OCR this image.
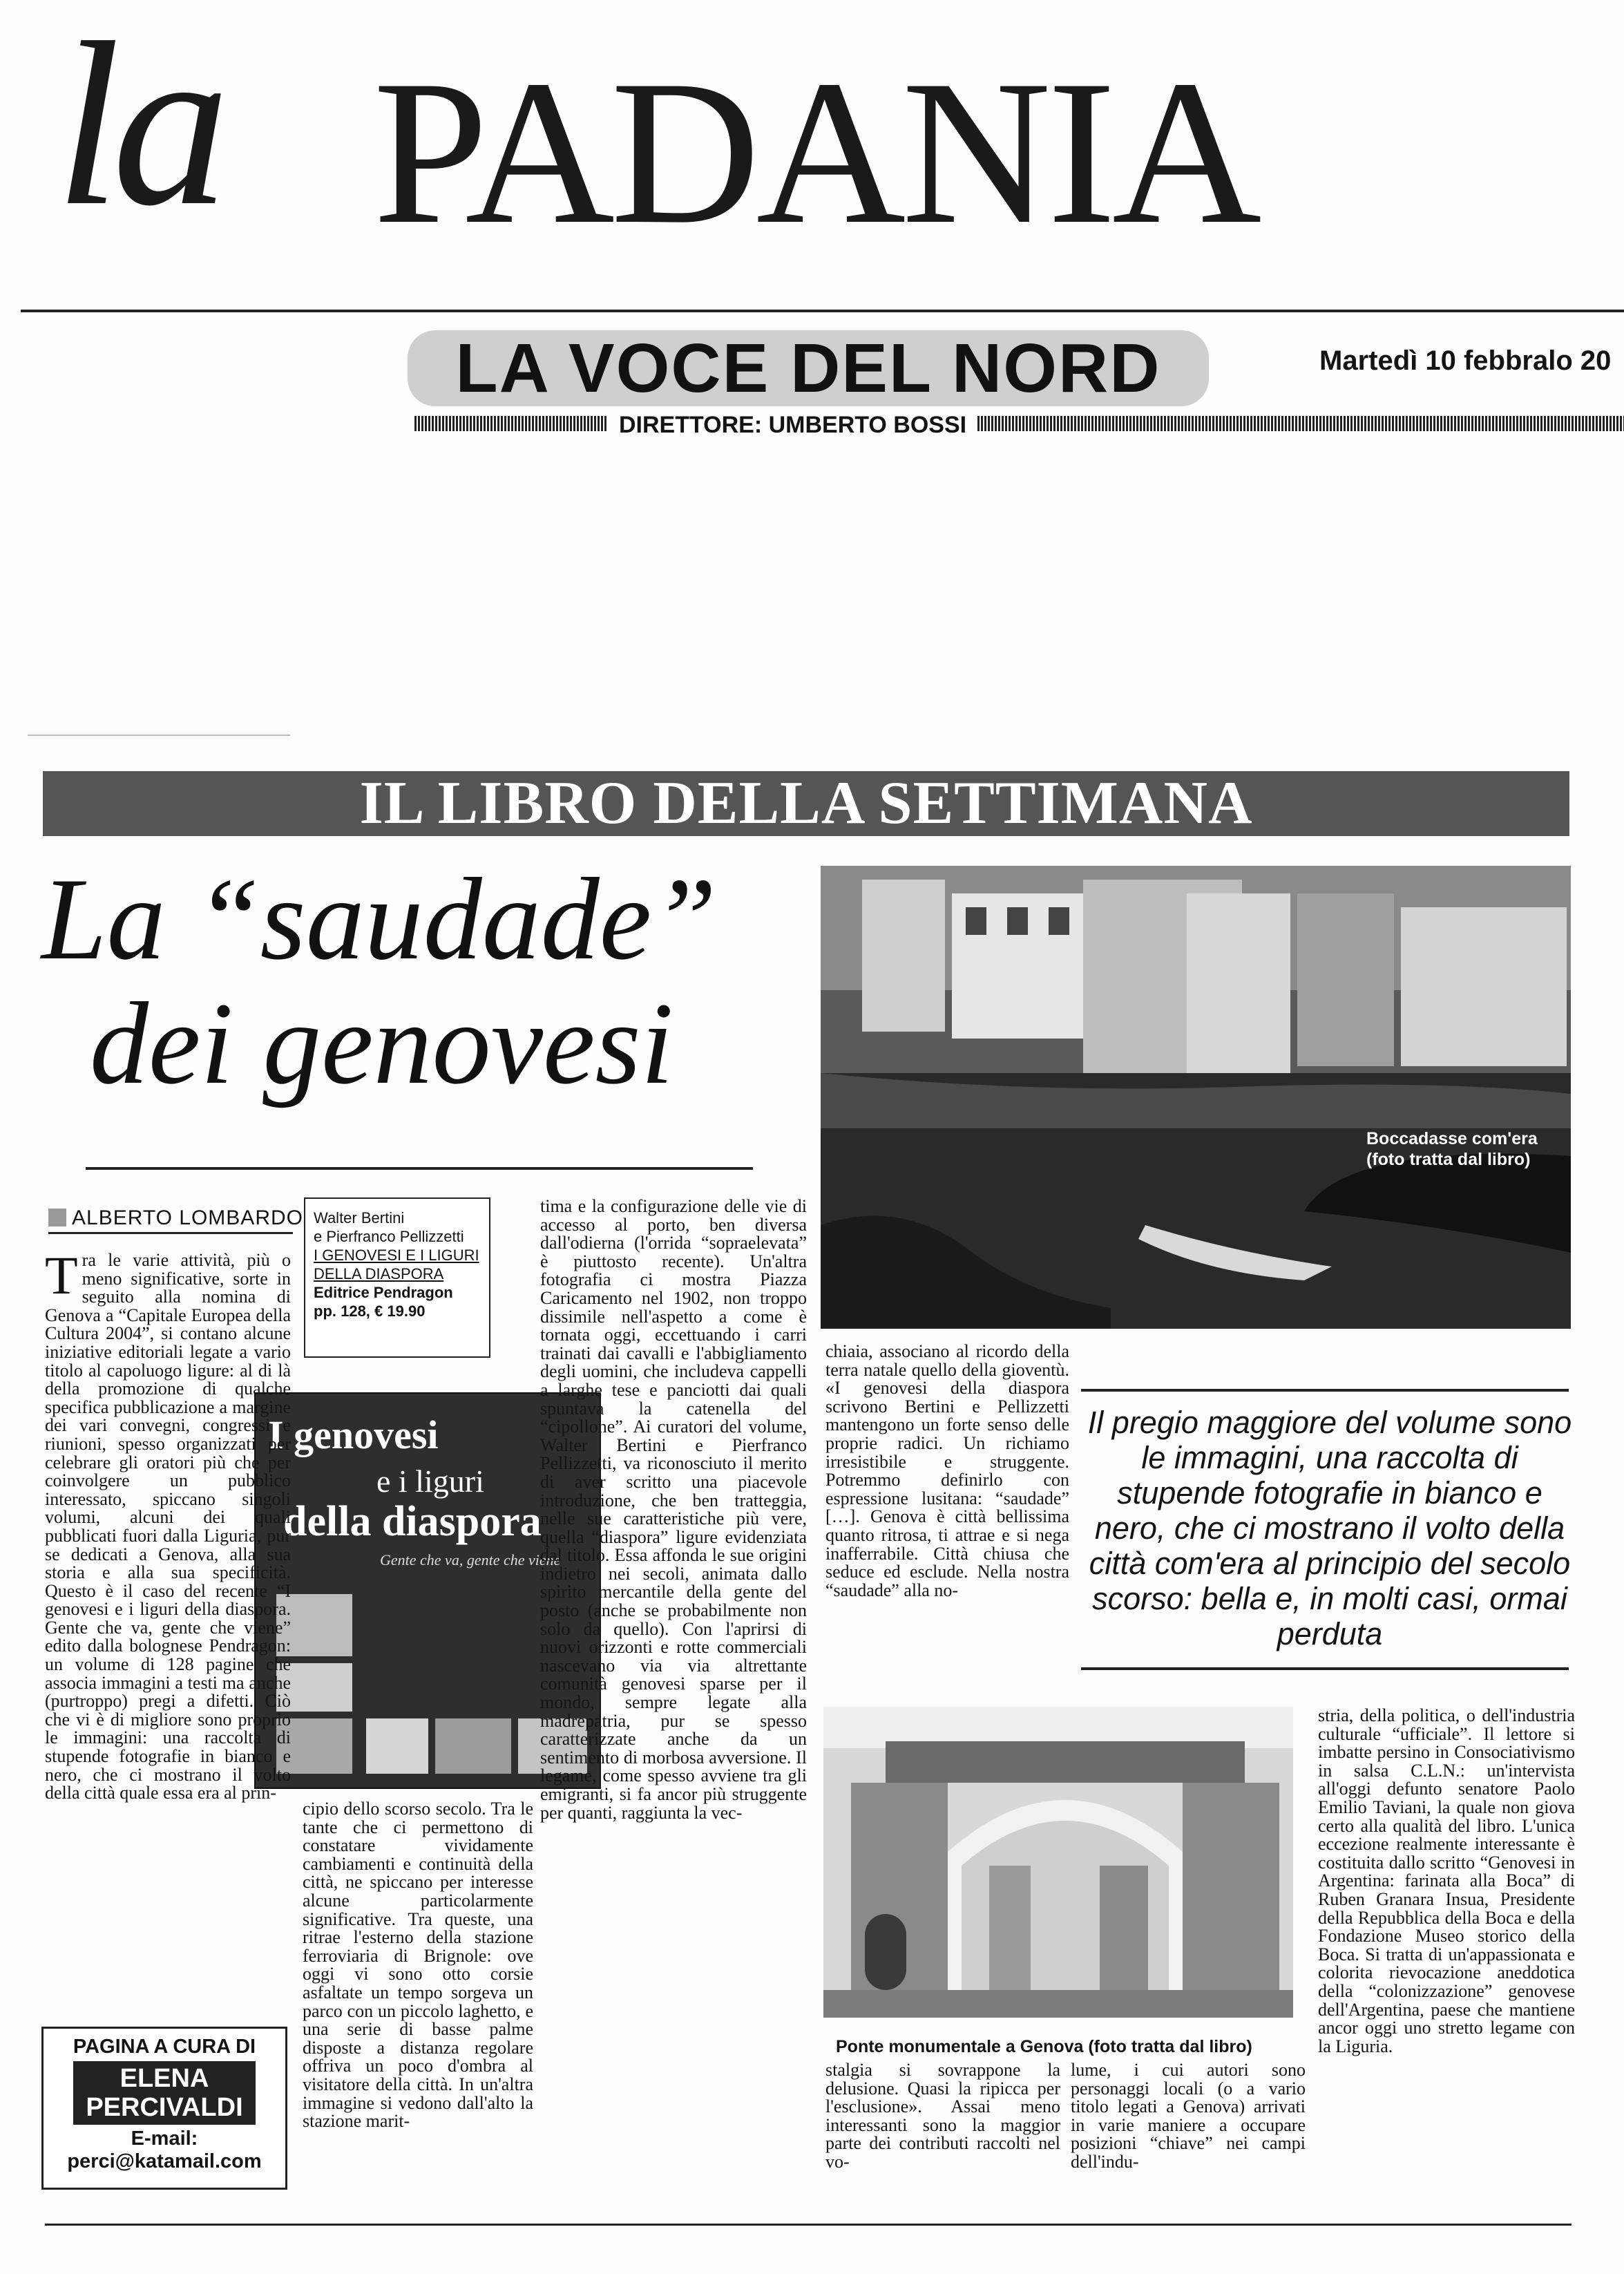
la PADANIA
LA VOCE DEL NORD	Martedì 10 febbralo 20
DIRETTORE: UMBERTO BOSSI
IL LIBRO DELLA SETTIMANA
La “saudade”
dei genovesi
Boccadasse com'era
(foto tratta dal libro)
ALBERTO LOMBARDO Walter Bertini
e Pierfranco Pellizzetti
I GENOVESI E I LIGURI
DELLA DIASPORA
Editrice Pendragon
pp. 128, € 19.90
I genovesi
e i liguri
della diaspora
Gente che va, gente che viene
Tra le varie attività, più o meno significative, sorte in seguito alla nomina di Genova a “Capitale Europea della Cultura 2004”, si contano alcune iniziative editoriali legate a vario titolo al capoluogo ligure: al di là della promozione di qualche specifica pubblicazione a margine dei vari convegni, congressi e riunioni, spesso organizzati per celebrare gli oratori più che per coinvolgere un pubblico interessato, spiccano singoli volumi, alcuni dei quali pubblicati fuori dalla Liguria, pur se dedicati a Genova, alla sua storia e alla sua specificità. Questo è il caso del recente “I genovesi e i liguri della diaspora. Gente che va, gente che viene” edito dalla bolognese Pendragon: un volume di 128 pagine che associa immagini a testi ma anche (purtroppo) pregi a difetti. Ciò che vi è di migliore sono proprio le immagini: una raccolta di stupende fotografie in bianco e nero, che ci mostrano il volto della città quale essa era al prin-
cipio dello scorso secolo. Tra le tante che ci permettono di constatare vividamente cambiamenti e continuità della città, ne spiccano per interesse alcune particolarmente significative. Tra queste, una ritrae l'esterno della stazione ferroviaria di Brignole: ove oggi vi sono otto corsie asfaltate un tempo sorgeva un parco con un piccolo laghetto, e una serie di basse palme disposte a distanza regolare offriva un poco d'ombra al visitatore della città. In un'altra immagine si vedono dall'alto la stazione marit-
tima e la configurazione delle vie di accesso al porto, ben diversa dall'odierna (l'orrida “sopraelevata” è piuttosto recente). Un'altra fotografia ci mostra Piazza Caricamento nel 1902, non troppo dissimile nell'aspetto a come è tornata oggi, eccettuando i carri trainati dai cavalli e l'abbigliamento degli uomini, che includeva cappelli a larghe tese e panciotti dai quali spuntava la catenella del “cipollone”. Ai curatori del volume, Walter Bertini e Pierfranco Pellizzetti, va riconosciuto il merito di aver scritto una piacevole introduzione, che ben tratteggia, nelle sue caratteristiche più vere, quella “diaspora” ligure evidenziata dal titolo. Essa affonda le sue origini indietro nei secoli, animata dallo spirito mercantile della gente del posto (anche se probabilmente non solo da quello). Con l'aprirsi di nuovi orizzonti e rotte commerciali nascevano via via altrettante comunità genovesi sparse per il mondo, sempre legate alla madrepatria, pur se spesso caratterizzate anche da un sentimento di morbosa avversione. Il legame, come spesso avviene tra gli emigranti, si fa ancor più struggente per quanti, raggiunta la vec-
chiaia, associano al ricordo della terra natale quello della gioventù. «I genovesi della diaspora scrivono Bertini e Pellizzetti mantengono un forte senso delle proprie radici. Un richiamo irresistibile e struggente. Potremmo definirlo con espressione lusitana: “saudade” […]. Genova è città bellissima quanto ritrosa, ti attrae e si nega inafferrabile. Città chiusa che seduce ed esclude. Nella nostra “saudade” alla no-
Il pregio maggiore del volume sono le immagini, una raccolta di stupende fotografie in bianco e nero, che ci mostrano il volto della città com'era al principio del secolo scorso: bella e, in molti casi, ormai perduta
Ponte monumentale a Genova (foto tratta dal libro)
stria, della politica, o dell'industria culturale “ufficiale”. Il lettore si imbatte persino in Consociativismo in salsa C.L.N.: un'intervista all'oggi defunto senatore Paolo Emilio Taviani, la quale non giova certo alla qualità del libro. L'unica eccezione realmente interessante è costituita dallo scritto “Genovesi in Argentina: farinata alla Boca” di Ruben Granara Insua, Presidente della Repubblica della Boca e della Fondazione Museo storico della Boca. Si tratta di un'appassionata e colorita rievocazione aneddotica della “colonizzazione” genovese dell'Argentina, paese che mantiene ancor oggi uno stretto legame con la Liguria.
stalgia si sovrappone la delusione. Quasi la ripicca per l'esclusione». Assai meno interessanti sono la maggior parte dei contributi raccolti nel vo-
lume, i cui autori sono personaggi locali (o a vario titolo legati a Genova) arrivati in varie maniere a occupare posizioni “chiave” nei campi dell'indu-
PAGINA A CURA DI
ELENA
PERCIVALDI
E-mail:
perci@katamail.com
